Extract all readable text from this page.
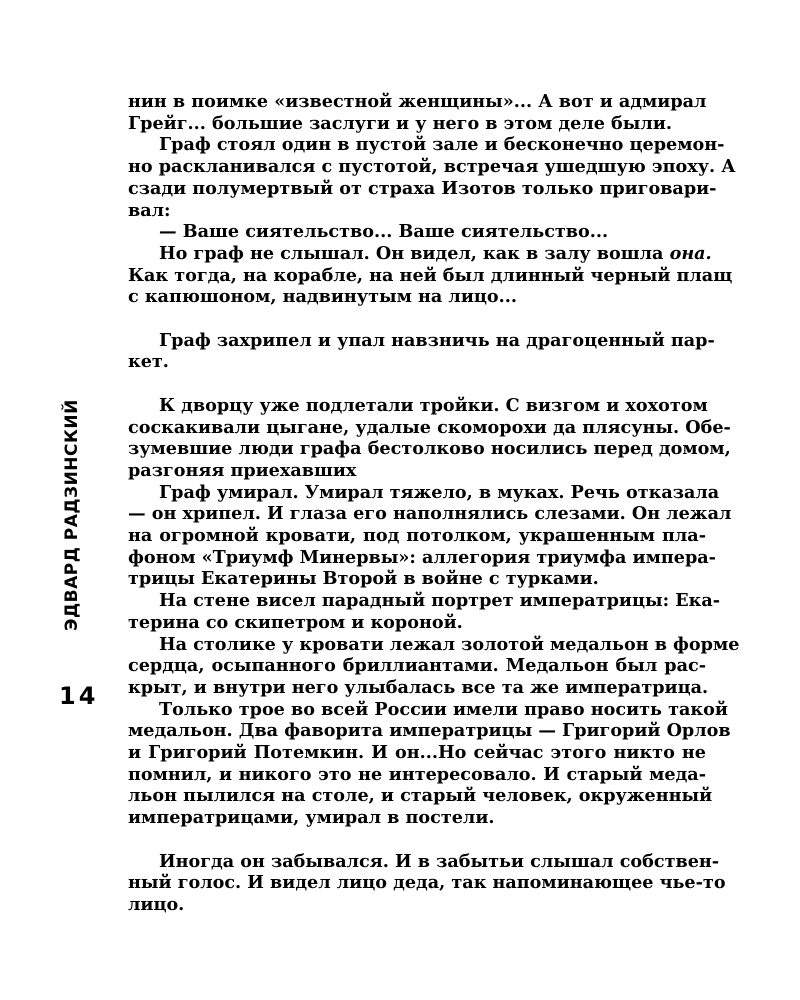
ЭДВАРД РАДЗИНСКИЙ
14
нин в поимке «известной женщины»... А вот и адмирал
Грейг... большие заслуги и у него в этом деле были.
Граф стоял один в пустой зале и бесконечно церемон-
но раскланивался с пустотой, встречая ушедшую эпоху. А
сзади полумертвый от страха Изотов только приговари-
вал:
— Ваше сиятельство... Ваше сиятельство...
Но граф не слышал. Он видел, как в залу вошла она.
Как тогда, на корабле, на ней был длинный черный плащ
с капюшоном, надвинутым на лицо...
Граф захрипел и упал навзничь на драгоценный пар-
кет.
К дворцу уже подлетали тройки. С визгом и хохотом
соскакивали цыгане, удалые скоморохи да плясуны. Обе-
зумевшие люди графа бестолково носились перед домом,
разгоняя приехавших
Граф умирал. Умирал тяжело, в муках. Речь отказала
— он хрипел. И глаза его наполнялись слезами. Он лежал
на огромной кровати, под потолком, украшенным пла-
фоном «Триумф Минервы»: аллегория триумфа импера-
трицы Екатерины Второй в войне с турками.
На стене висел парадный портрет императрицы: Ека-
терина со скипетром и короной.
На столике у кровати лежал золотой медальон в форме
сердца, осыпанного бриллиантами. Медальон был рас-
крыт, и внутри него улыбалась все та же императрица.
Только трое во всей России имели право носить такой
медальон. Два фаворита императрицы — Григорий Орлов
и Григорий Потемкин. И он...Но сейчас этого никто не
помнил, и никого это не интересовало. И старый меда-
льон пылился на столе, и старый человек, окруженный
императрицами, умирал в постели.
Иногда он забывался. И в забытьи слышал собствен-
ный голос. И видел лицо деда, так напоминающее чье-то
лицо.
